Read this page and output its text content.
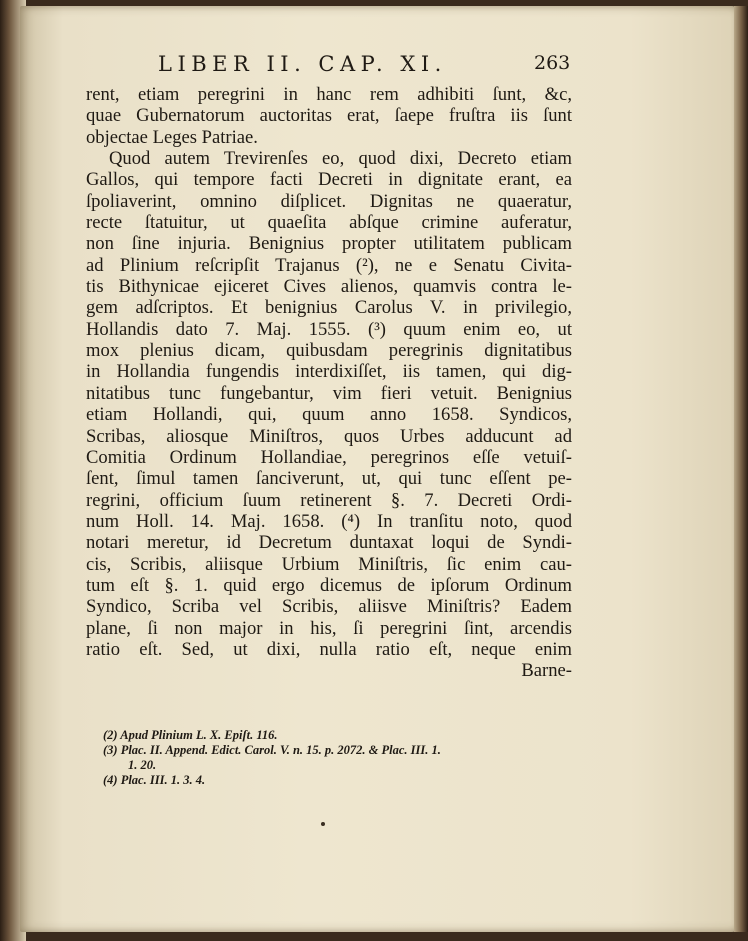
LIBER II. CAP. XI.	263
rent, etiam peregrini in hanc rem adhibiti ſunt, &c,
quae Gubernatorum auctoritas erat, ſaepe fruſtra iis ſunt
objectae Leges Patriae.
Quod autem Trevirenſes eo, quod dixi, Decreto etiam
Gallos, qui tempore facti Decreti in dignitate erant, ea
ſpoliaverint, omnino diſplicet. Dignitas ne quaeratur,
recte ſtatuitur, ut quaeſita abſque crimine auferatur,
non ſine injuria. Benignius propter utilitatem publicam
ad Plinium reſcripſit Trajanus (²), ne e Senatu Civita-
tis Bithynicae ejiceret Cives alienos, quamvis contra le-
gem adſcriptos. Et benignius Carolus V. in privilegio,
Hollandis dato 7. Maj. 1555. (³) quum enim eo, ut
mox plenius dicam, quibusdam peregrinis dignitatibus
in Hollandia fungendis interdixiſſet, iis tamen, qui dig-
nitatibus tunc fungebantur, vim fieri vetuit. Benignius
etiam Hollandi, qui, quum anno 1658. Syndicos,
Scribas, aliosque Miniſtros, quos Urbes adducunt ad
Comitia Ordinum Hollandiae, peregrinos eſſe vetuiſ-
ſent, ſimul tamen ſanciverunt, ut, qui tunc eſſent pe-
regrini, officium ſuum retinerent §. 7. Decreti Ordi-
num Holl. 14. Maj. 1658. (⁴) In tranſitu noto, quod
notari meretur, id Decretum duntaxat loqui de Syndi-
cis, Scribis, aliisque Urbium Miniſtris, ſic enim cau-
tum eſt §. 1. quid ergo dicemus de ipſorum Ordinum
Syndico, Scriba vel Scribis, aliisve Miniſtris? Eadem
plane, ſi non major in his, ſi peregrini ſint, arcendis
ratio eſt. Sed, ut dixi, nulla ratio eſt, neque enim
Barne-
(2) Apud Plinium L. X. Epiſt. 116.
(3) Plac. II. Append. Edict. Carol. V. n. 15. p. 2072. & Plac. III. 1.
1. 20.
(4) Plac. III. 1. 3. 4.
